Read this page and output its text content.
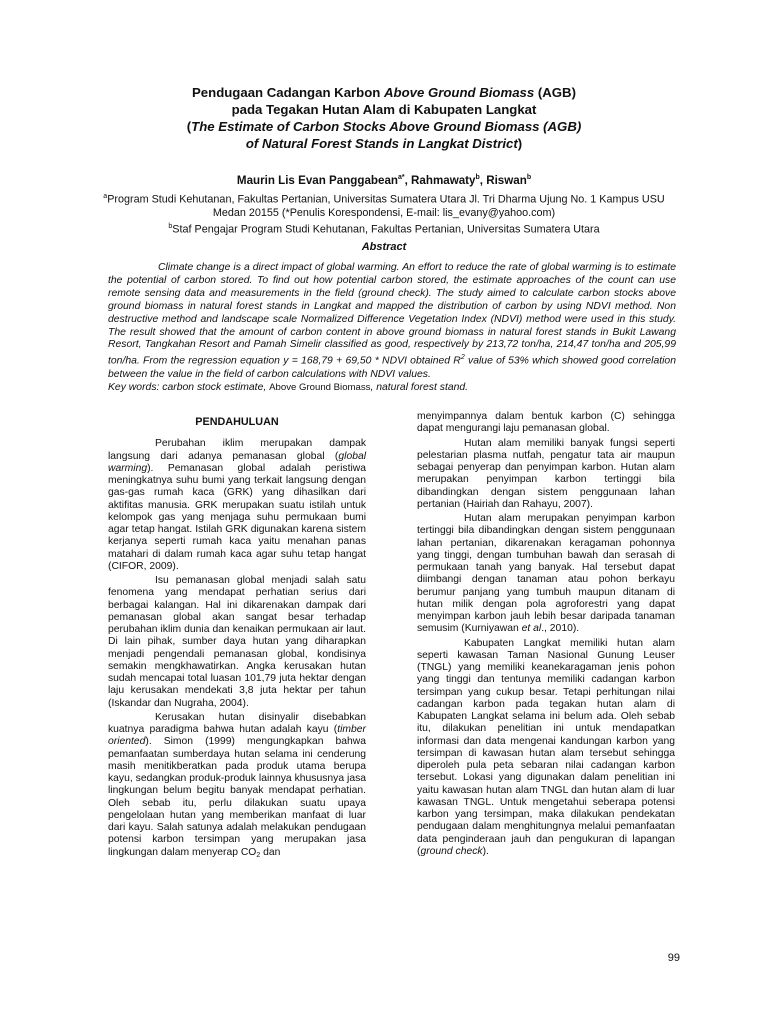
Pendugaan Cadangan Karbon Above Ground Biomass (AGB)

pada Tegakan Hutan Alam di Kabupaten Langkat

(The Estimate of Carbon Stocks Above Ground Biomass (AGB)

of Natural Forest Stands in Langkat District)

Maurin Lis Evan Panggabean$^{a*}$, Rahmawaty$^b$, Riswan$^b$

$^a$Program Studi Kehutanan, Fakultas Pertanian, Universitas Sumatera Utara Jl. Tri Dharma Ujung No. 1 Kampus USU

Medan 20155 (*Penulis Korespondensi, E-mail: lis_evany@yahoo.com)

$^b$Staf Pengajar Program Studi Kehutanan, Fakultas Pertanian, Universitas Sumatera Utara

Abstract

Climate change is a direct impact of global warming. An effort to reduce the rate of global warming is to estimate the potential of carbon stored. To find out how potential carbon stored, the estimate approaches of the count can use remote sensing data and measurements in the field (ground check). The study aimed to calculate carbon stocks above ground biomass in natural forest stands in Langkat and mapped the distribution of carbon by using NDVI method. Non destructive method and landscape scale Normalized Difference Vegetation Index (NDVI) method were used in this study. The result showed that the amount of carbon content in above ground biomass in natural forest stands in Bukit Lawang Resort, Tangkahan Resort and Pamah Simelir classified as good, respectively by 213,72 ton/ha, 214,47 ton/ha and 205,99 ton/ha. From the regression equation y = 168,79 + 69,50 * NDVI obtained $R^2$ value of 53% which showed good correlation between the value in the field of carbon calculations with NDVI values.

Key words: carbon stock estimate, Above Ground Biomass, natural forest stand.

PENDAHULUAN

Perubahan iklim merupakan dampak langsung dari adanya pemanasan global (global warming). Pemanasan global adalah peristiwa meningkatnya suhu bumi yang terkait langsung dengan gas-gas rumah kaca (GRK) yang dihasilkan dari aktifitas manusia. GRK merupakan suatu istilah untuk kelompok gas yang menjaga suhu permukaan bumi agar tetap hangat. Istilah GRK digunakan karena sistem kerjanya seperti rumah kaca yaitu menahan panas matahari di dalam rumah kaca agar suhu tetap hangat (CIFOR, 2009).

Isu pemanasan global menjadi salah satu fenomena yang mendapat perhatian serius dari berbagai kalangan. Hal ini dikarenakan dampak dari pemanasan global akan sangat besar terhadap perubahan iklim dunia dan kenaikan permukaan air laut. Di lain pihak, sumber daya hutan yang diharapkan menjadi pengendali pemanasan global, kondisinya semakin mengkhawatirkan. Angka kerusakan hutan sudah mencapai total luasan 101,79 juta hektar dengan laju kerusakan mendekati 3,8 juta hektar per tahun (Iskandar dan Nugraha, 2004).

Kerusakan hutan disinyalir disebabkan kuatnya paradigma bahwa hutan adalah kayu (timber oriented). Simon (1999) mengungkapkan bahwa pemanfaatan sumberdaya hutan selama ini cenderung masih menitikberatkan pada produk utama berupa kayu, sedangkan produk-produk lainnya khususnya jasa lingkungan belum begitu banyak mendapat perhatian. Oleh sebab itu, perlu dilakukan suatu upaya pengelolaan hutan yang memberikan manfaat di luar dari kayu. Salah satunya adalah melakukan pendugaan potensi karbon tersimpan yang merupakan jasa lingkungan dalam menyerap $CO_2$ dan

menyimpannya dalam bentuk karbon (C) sehingga dapat mengurangi laju pemanasan global.

Hutan alam memiliki banyak fungsi seperti pelestarian plasma nutfah, pengatur tata air maupun sebagai penyerap dan penyimpan karbon. Hutan alam merupakan penyimpan karbon tertinggi bila dibandingkan dengan sistem penggunaan lahan pertanian (Hairiah dan Rahayu, 2007).

Hutan alam merupakan penyimpan karbon tertinggi bila dibandingkan dengan sistem penggunaan lahan pertanian, dikarenakan keragaman pohonnya yang tinggi, dengan tumbuhan bawah dan serasah di permukaan tanah yang banyak. Hal tersebut dapat diimbangi dengan tanaman atau pohon berkayu berumur panjang yang tumbuh maupun ditanam di hutan milik dengan pola agroforestri yang dapat menyimpan karbon jauh lebih besar daripada tanaman semusim (Kurniyawan et al., 2010).

Kabupaten Langkat memiliki hutan alam seperti kawasan Taman Nasional Gunung Leuser (TNGL) yang memiliki keanekaragaman jenis pohon yang tinggi dan tentunya memiliki cadangan karbon tersimpan yang cukup besar. Tetapi perhitungan nilai cadangan karbon pada tegakan hutan alam di Kabupaten Langkat selama ini belum ada. Oleh sebab itu, dilakukan penelitian ini untuk mendapatkan informasi dan data mengenai kandungan karbon yang tersimpan di kawasan hutan alam tersebut sehingga diperoleh pula peta sebaran nilai cadangan karbon tersebut. Lokasi yang digunakan dalam penelitian ini yaitu kawasan hutan alam TNGL dan hutan alam di luar kawasan TNGL. Untuk mengetahui seberapa potensi karbon yang tersimpan, maka dilakukan pendekatan pendugaan dalam menghitungnya melalui pemanfaatan data penginderaan jauh dan pengukuran di lapangan (ground check).

99
